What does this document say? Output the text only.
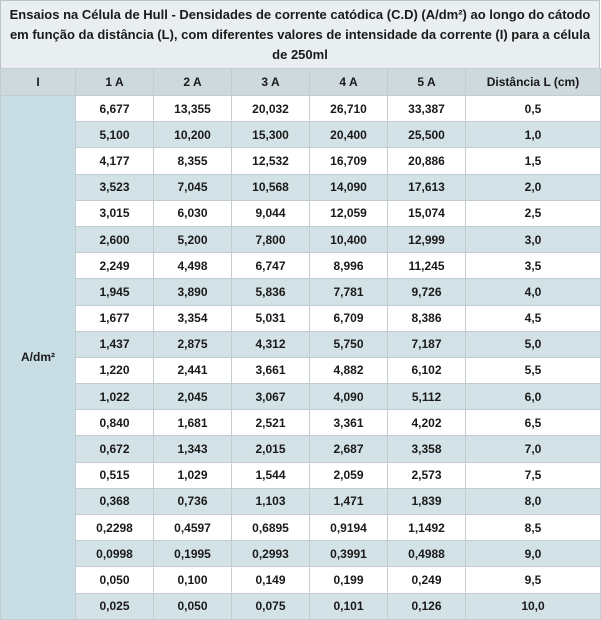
Ensaios na Célula de Hull - Densidades de corrente catódica (C.D) (A/dm²) ao longo do cátodo em função da distância (L), com diferentes valores de intensidade da corrente (I) para a célula de 250ml
I	1 A	2 A	3 A	4 A	5 A	Distância L (cm)
A/dm²	6,677	13,355	20,032	26,710	33,387	0,5
	5,100	10,200	15,300	20,400	25,500	1,0
	4,177	8,355	12,532	16,709	20,886	1,5
	3,523	7,045	10,568	14,090	17,613	2,0
	3,015	6,030	9,044	12,059	15,074	2,5
	2,600	5,200	7,800	10,400	12,999	3,0
	2,249	4,498	6,747	8,996	11,245	3,5
	1,945	3,890	5,836	7,781	9,726	4,0
	1,677	3,354	5,031	6,709	8,386	4,5
	1,437	2,875	4,312	5,750	7,187	5,0
	1,220	2,441	3,661	4,882	6,102	5,5
	1,022	2,045	3,067	4,090	5,112	6,0
	0,840	1,681	2,521	3,361	4,202	6,5
	0,672	1,343	2,015	2,687	3,358	7,0
	0,515	1,029	1,544	2,059	2,573	7,5
	0,368	0,736	1,103	1,471	1,839	8,0
	0,2298	0,4597	0,6895	0,9194	1,1492	8,5
	0,0998	0,1995	0,2993	0,3991	0,4988	9,0
	0,050	0,100	0,149	0,199	0,249	9,5
	0,025	0,050	0,075	0,101	0,126	10,0
